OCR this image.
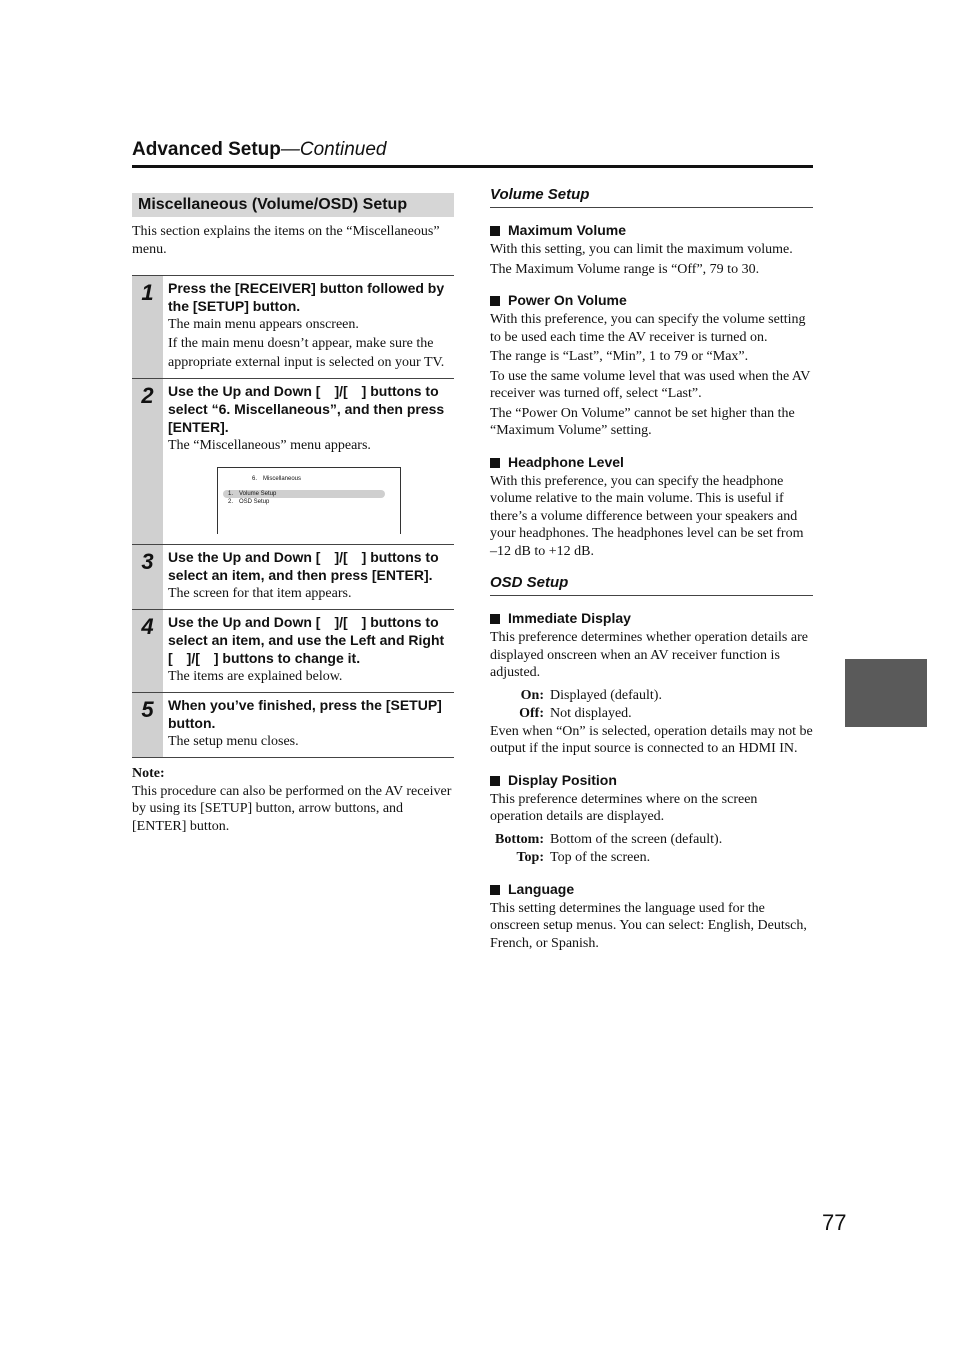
Advanced Setup—Continued
Miscellaneous (Volume/OSD) Setup

This section explains the items on the “Miscellaneous” menu.

1	Press the [RECEIVER] button followed by the [SETUP] button.
The main menu appears onscreen.
If the main menu doesn’t appear, make sure the appropriate external input is selected on your TV.
2	Use the Up and Down [ ]/[ ] buttons to select “6. Miscellaneous”, and then press [ENTER].
The “Miscellaneous” menu appears.
6. Miscellaneous
1. Volume Setup
2. OSD Setup
3	Use the Up and Down [ ]/[ ] buttons to select an item, and then press [ENTER].
The screen for that item appears.
4	Use the Up and Down [ ]/[ ] buttons to select an item, and use the Left and Right [ ]/[ ] buttons to change it.
The items are explained below.
5	When you’ve finished, press the [SETUP] button.
The setup menu closes.
Note:
This procedure can also be performed on the AV receiver by using its [SETUP] button, arrow buttons, and [ENTER] button.
Volume Setup
Maximum Volume
With this setting, you can limit the maximum volume.
The Maximum Volume range is “Off”, 79 to 30.
Power On Volume
With this preference, you can specify the volume setting to be used each time the AV receiver is turned on.
The range is “Last”, “Min”, 1 to 79 or “Max”.
To use the same volume level that was used when the AV receiver was turned off, select “Last”.
The “Power On Volume” cannot be set higher than the “Maximum Volume” setting.
Headphone Level
With this preference, you can specify the headphone volume relative to the main volume. This is useful if there’s a volume difference between your speakers and your headphones. The headphones level can be set from –12 dB to +12 dB.
OSD Setup
Immediate Display
This preference determines whether operation details are displayed onscreen when an AV receiver function is adjusted.
On: Displayed (default).
Off: Not displayed.
Even when “On” is selected, operation details may not be output if the input source is connected to an HDMI IN.
Display Position
This preference determines where on the screen operation details are displayed.
Bottom: Bottom of the screen (default).
Top: Top of the screen.
Language
This setting determines the language used for the onscreen setup menus. You can select: English, Deutsch, French, or Spanish.
77
